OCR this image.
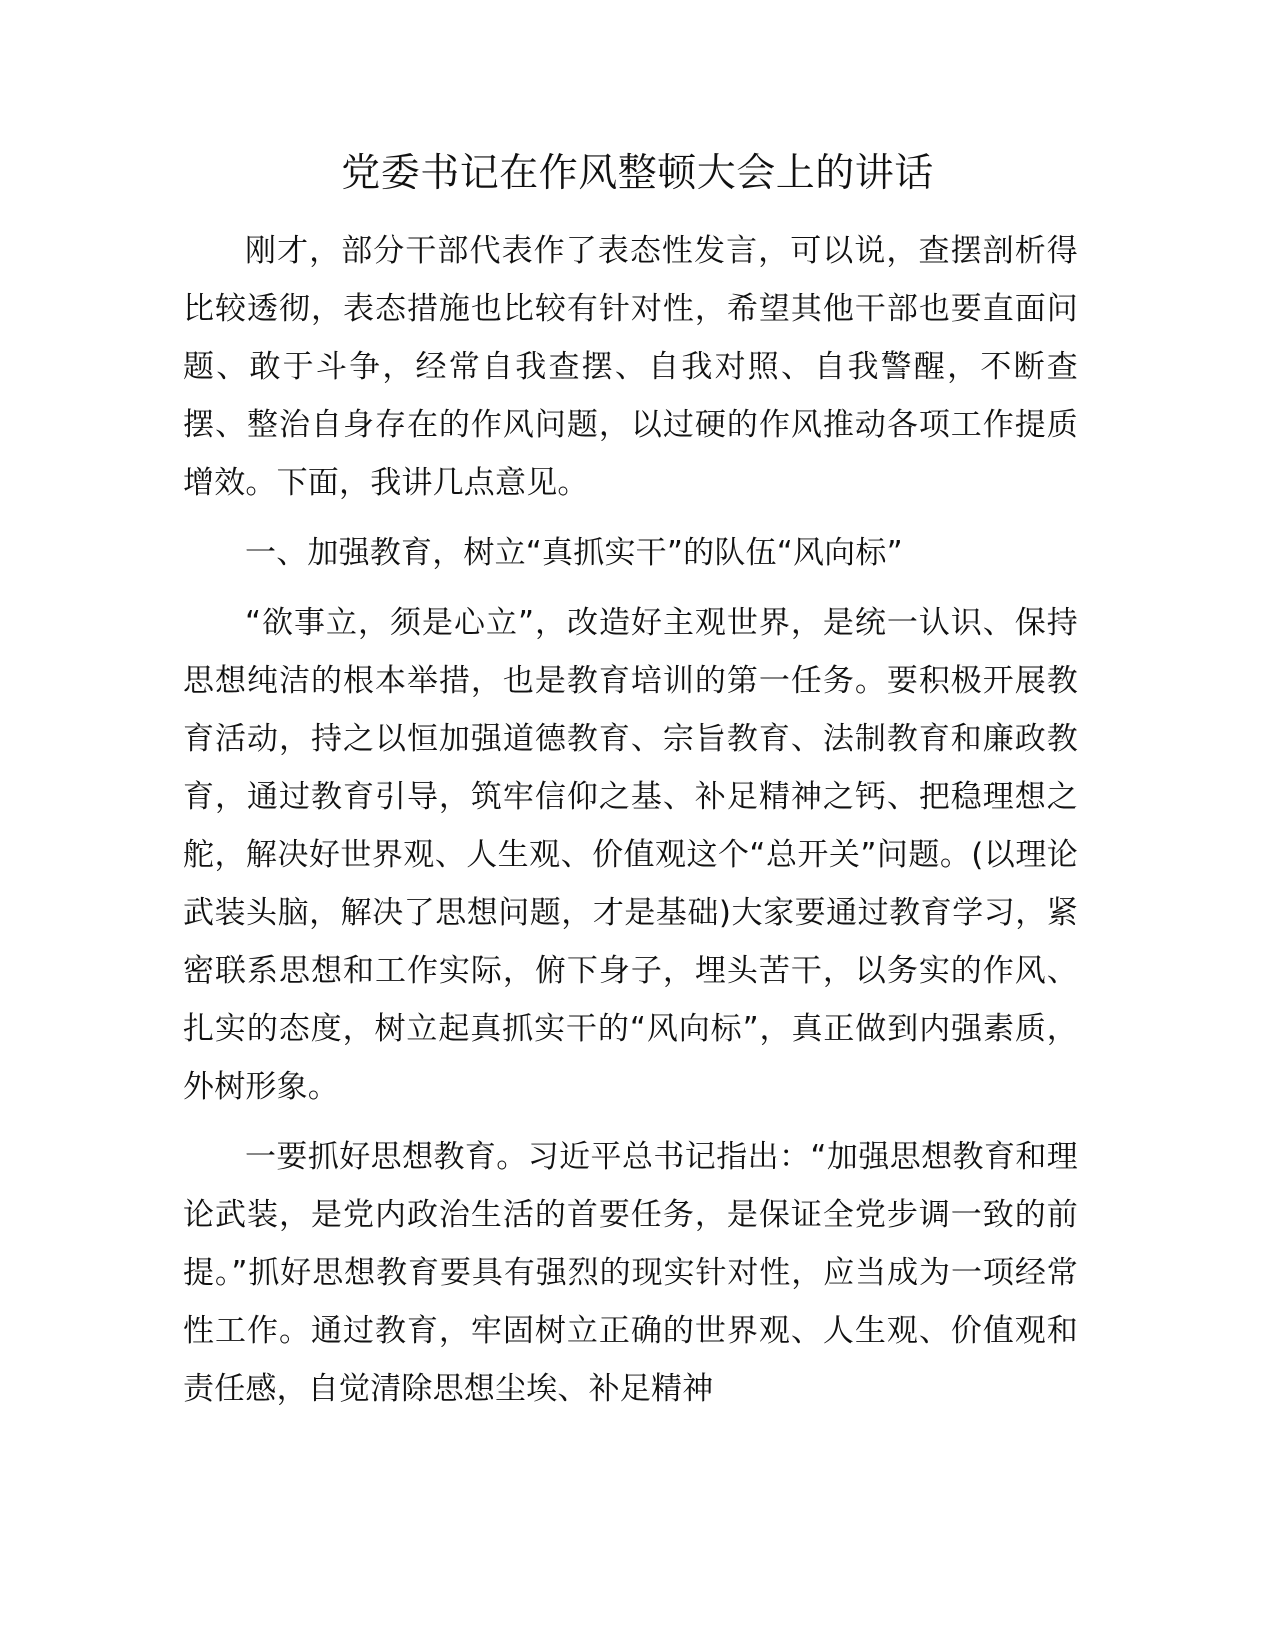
党委书记在作风整顿大会上的讲话

刚才，部分干部代表作了表态性发言，可以说，查摆剖析得比较透彻，表态措施也比较有针对性，希望其他干部也要直面问题、敢于斗争，经常自我查摆、自我对照、自我警醒，不断查摆、整治自身存在的作风问题，以过硬的作风推动各项工作提质增效。下面，我讲几点意见。

一、加强教育，树立“真抓实干”的队伍“风向标”

“欲事立，须是心立”，改造好主观世界，是统一认识、保持思想纯洁的根本举措，也是教育培训的第一任务。要积极开展教育活动，持之以恒加强道德教育、宗旨教育、法制教育和廉政教育，通过教育引导，筑牢信仰之基、补足精神之钙、把稳理想之舵，解决好世界观、人生观、价值观这个“总开关”问题。(以理论武装头脑，解决了思想问题，才是基础)大家要通过教育学习，紧密联系思想和工作实际，俯下身子，埋头苦干，以务实的作风、扎实的态度，树立起真抓实干的“风向标”，真正做到内强素质，外树形象。

一要抓好思想教育。习近平总书记指出：“加强思想教育和理论武装，是党内政治生活的首要任务，是保证全党步调一致的前提。”抓好思想教育要具有强烈的现实针对性，应当成为一项经常性工作。通过教育，牢固树立正确的世界观、人生观、价值观和责任感，自觉清除思想尘埃、补足精神
